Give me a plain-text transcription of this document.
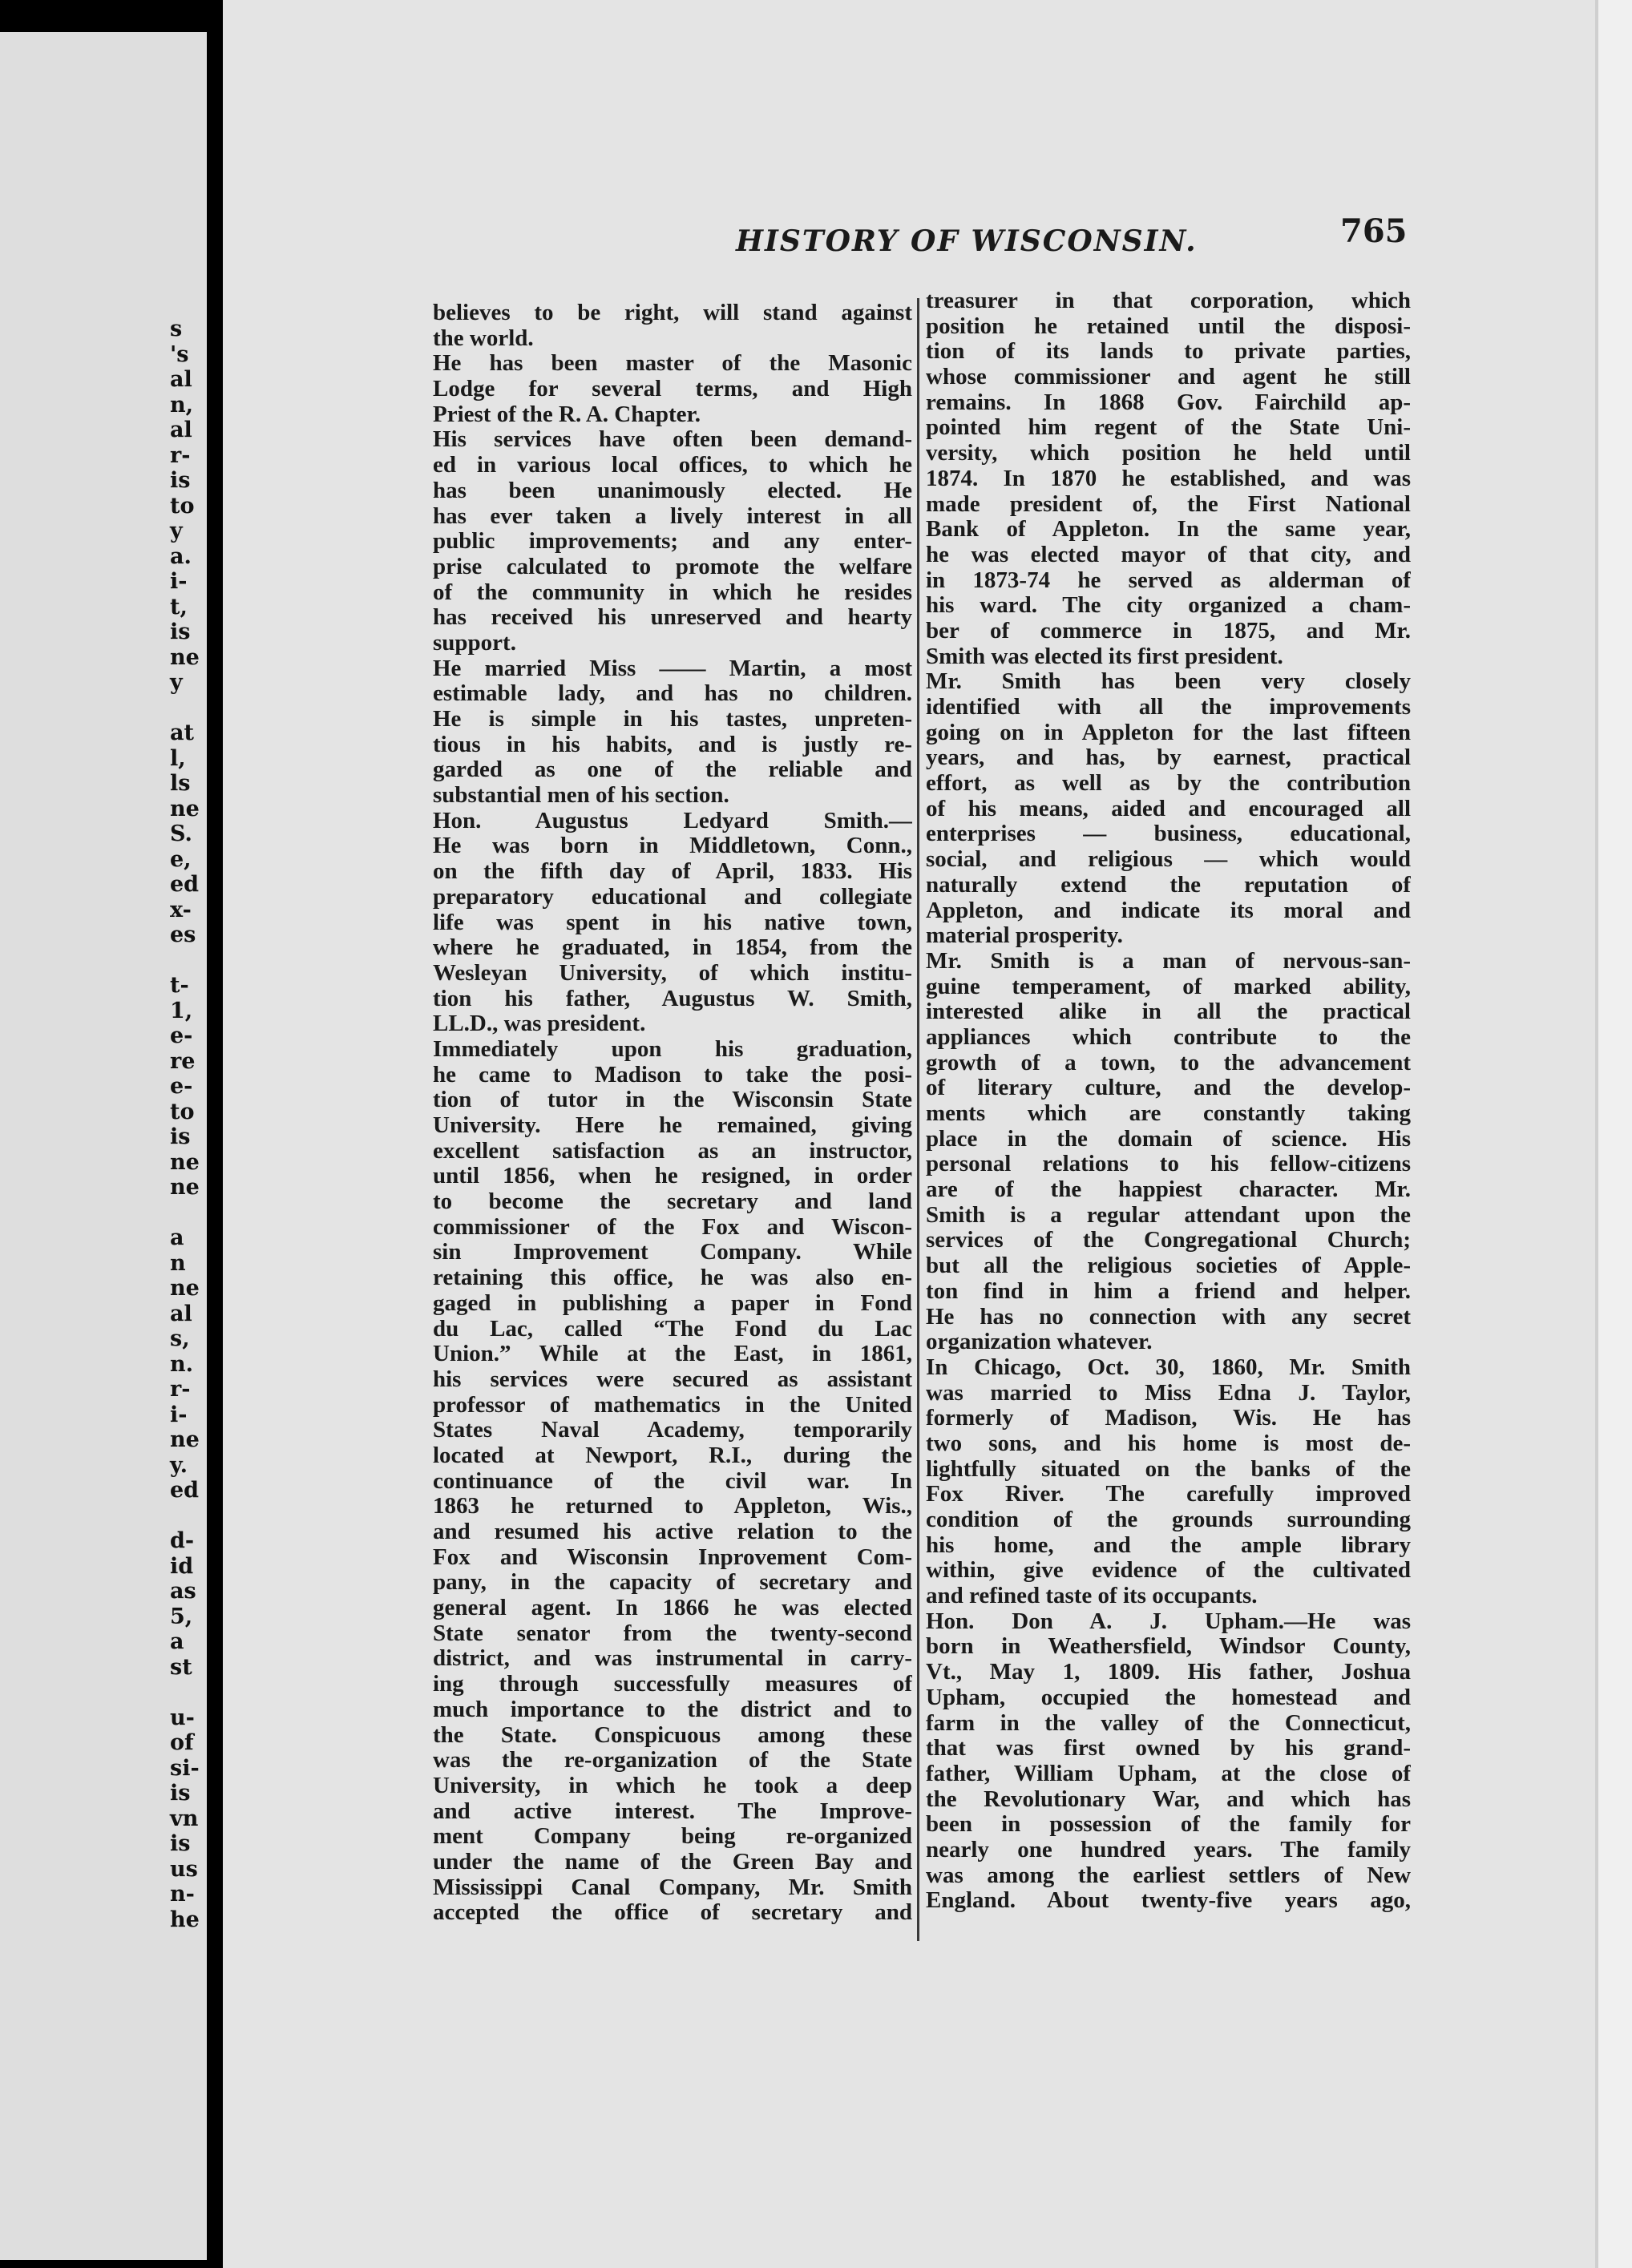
s
's
al
n,
al
r-
is
to
y
a.
i-
t,
is
ne
y
at
l,
ls
ne
S.
e,
ed
x-
es
t-
1,
e-
re
e-
to
is
ne
ne
a
n
ne
al
s,
n.
r-
i-
ne
y.
ed
d-
id
as
5,
a
st
u-
of
si-
is
vn
is
us
n-
he
HISTORY OF WISCONSIN.	765
believes to be right, will stand against
the world.
He has been master of the Masonic
Lodge for several terms, and High
Priest of the R. A. Chapter.
His services have often been demand-
ed in various local offices, to which he
has been unanimously elected. He
has ever taken a lively interest in all
public improvements; and any enter-
prise calculated to promote the welfare
of the community in which he resides
has received his unreserved and hearty
support.
He married Miss —— Martin, a most
estimable lady, and has no children.
He is simple in his tastes, unpreten-
tious in his habits, and is justly re-
garded as one of the reliable and
substantial men of his section.
Hon. Augustus Ledyard Smith.—
He was born in Middletown, Conn.,
on the fifth day of April, 1833. His
preparatory educational and collegiate
life was spent in his native town,
where he graduated, in 1854, from the
Wesleyan University, of which institu-
tion his father, Augustus W. Smith,
LL.D., was president.
Immediately upon his graduation,
he came to Madison to take the posi-
tion of tutor in the Wisconsin State
University. Here he remained, giving
excellent satisfaction as an instructor,
until 1856, when he resigned, in order
to become the secretary and land
commissioner of the Fox and Wiscon-
sin Improvement Company. While
retaining this office, he was also en-
gaged in publishing a paper in Fond
du Lac, called “The Fond du Lac
Union.” While at the East, in 1861,
his services were secured as assistant
professor of mathematics in the United
States Naval Academy, temporarily
located at Newport, R.I., during the
continuance of the civil war. In
1863 he returned to Appleton, Wis.,
and resumed his active relation to the
Fox and Wisconsin Inprovement Com-
pany, in the capacity of secretary and
general agent. In 1866 he was elected
State senator from the twenty-second
district, and was instrumental in carry-
ing through successfully measures of
much importance to the district and to
the State. Conspicuous among these
was the re-organization of the State
University, in which he took a deep
and active interest. The Improve-
ment Company being re-organized
under the name of the Green Bay and
Mississippi Canal Company, Mr. Smith
accepted the office of secretary and
treasurer in that corporation, which
position he retained until the disposi-
tion of its lands to private parties,
whose commissioner and agent he still
remains. In 1868 Gov. Fairchild ap-
pointed him regent of the State Uni-
versity, which position he held until
1874. In 1870 he established, and was
made president of, the First National
Bank of Appleton. In the same year,
he was elected mayor of that city, and
in 1873-74 he served as alderman of
his ward. The city organized a cham-
ber of commerce in 1875, and Mr.
Smith was elected its first president.
Mr. Smith has been very closely
identified with all the improvements
going on in Appleton for the last fifteen
years, and has, by earnest, practical
effort, as well as by the contribution
of his means, aided and encouraged all
enterprises — business, educational,
social, and religious — which would
naturally extend the reputation of
Appleton, and indicate its moral and
material prosperity.
Mr. Smith is a man of nervous-san-
guine temperament, of marked ability,
interested alike in all the practical
appliances which contribute to the
growth of a town, to the advancement
of literary culture, and the develop-
ments which are constantly taking
place in the domain of science. His
personal relations to his fellow-citizens
are of the happiest character. Mr.
Smith is a regular attendant upon the
services of the Congregational Church;
but all the religious societies of Apple-
ton find in him a friend and helper.
He has no connection with any secret
organization whatever.
In Chicago, Oct. 30, 1860, Mr. Smith
was married to Miss Edna J. Taylor,
formerly of Madison, Wis. He has
two sons, and his home is most de-
lightfully situated on the banks of the
Fox River. The carefully improved
condition of the grounds surrounding
his home, and the ample library
within, give evidence of the cultivated
and refined taste of its occupants.
Hon. Don A. J. Upham.—He was
born in Weathersfield, Windsor County,
Vt., May 1, 1809. His father, Joshua
Upham, occupied the homestead and
farm in the valley of the Connecticut,
that was first owned by his grand-
father, William Upham, at the close of
the Revolutionary War, and which has
been in possession of the family for
nearly one hundred years. The family
was among the earliest settlers of New
England. About twenty-five years ago,
